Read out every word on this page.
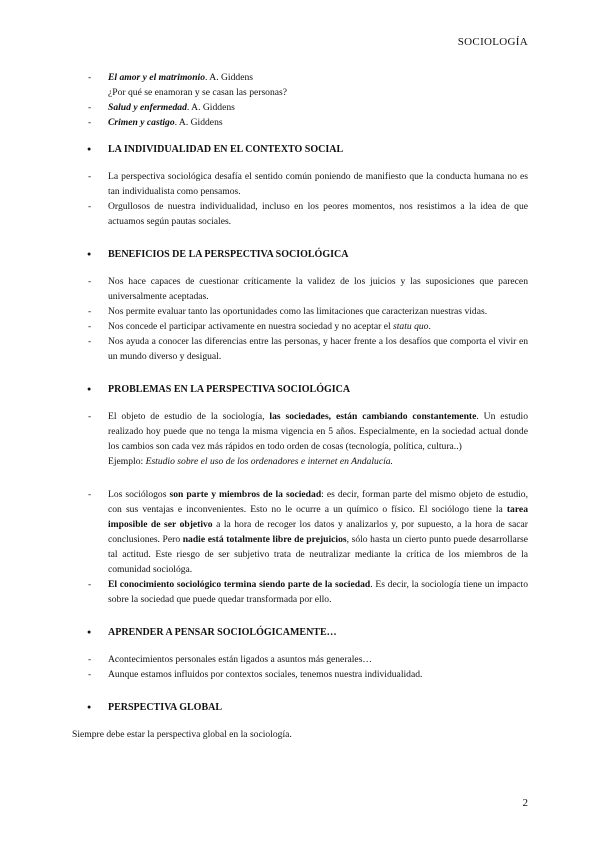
SOCIOLOGÍA
- El amor y el matrimonio. A. Giddens
¿Por qué se enamoran y se casan las personas?
- Salud y enfermedad. A. Giddens
- Crimen y castigo. A. Giddens

● LA INDIVIDUALIDAD EN EL CONTEXTO SOCIAL

- La perspectiva sociológica desafía el sentido común poniendo de manifiesto que la conducta humana no es tan individualista como pensamos.
- Orgullosos de nuestra individualidad, incluso en los peores momentos, nos resistimos a la idea de que actuamos según pautas sociales.

● BENEFICIOS DE LA PERSPECTIVA SOCIOLÓGICA

- Nos hace capaces de cuestionar críticamente la validez de los juicios y las suposiciones que parecen universalmente aceptadas.
- Nos permite evaluar tanto las oportunidades como las limitaciones que caracterizan nuestras vidas.
- Nos concede el participar activamente en nuestra sociedad y no aceptar el statu quo.
- Nos ayuda a conocer las diferencias entre las personas, y hacer frente a los desafíos que comporta el vivir en un mundo diverso y desigual.

● PROBLEMAS EN LA PERSPECTIVA SOCIOLÓGICA

- El objeto de estudio de la sociología, las sociedades, están cambiando constantemente. Un estudio realizado hoy puede que no tenga la misma vigencia en 5 años. Especialmente, en la sociedad actual donde los cambios son cada vez más rápidos en todo orden de cosas (tecnología, política, cultura..)
Ejemplo: Estudio sobre el uso de los ordenadores e internet en Andalucía.
- Los sociólogos son parte y miembros de la sociedad: es decir, forman parte del mismo objeto de estudio, con sus ventajas e inconvenientes. Esto no le ocurre a un químico o físico. El sociólogo tiene la tarea imposible de ser objetivo a la hora de recoger los datos y analizarlos y, por supuesto, a la hora de sacar conclusiones. Pero nadie está totalmente libre de prejuicios, sólo hasta un cierto punto puede desarrollarse tal actitud. Este riesgo de ser subjetivo trata de neutralizar mediante la crítica de los miembros de la comunidad sociológa.
- El conocimiento sociológico termina siendo parte de la sociedad. Es decir, la sociología tiene un impacto sobre la sociedad que puede quedar transformada por ello.

● APRENDER A PENSAR SOCIOLÓGICAMENTE…

- Acontecimientos personales están ligados a asuntos más generales…
- Aunque estamos influidos por contextos sociales, tenemos nuestra individualidad.

● PERSPECTIVA GLOBAL

Siempre debe estar la perspectiva global en la sociología.

2
